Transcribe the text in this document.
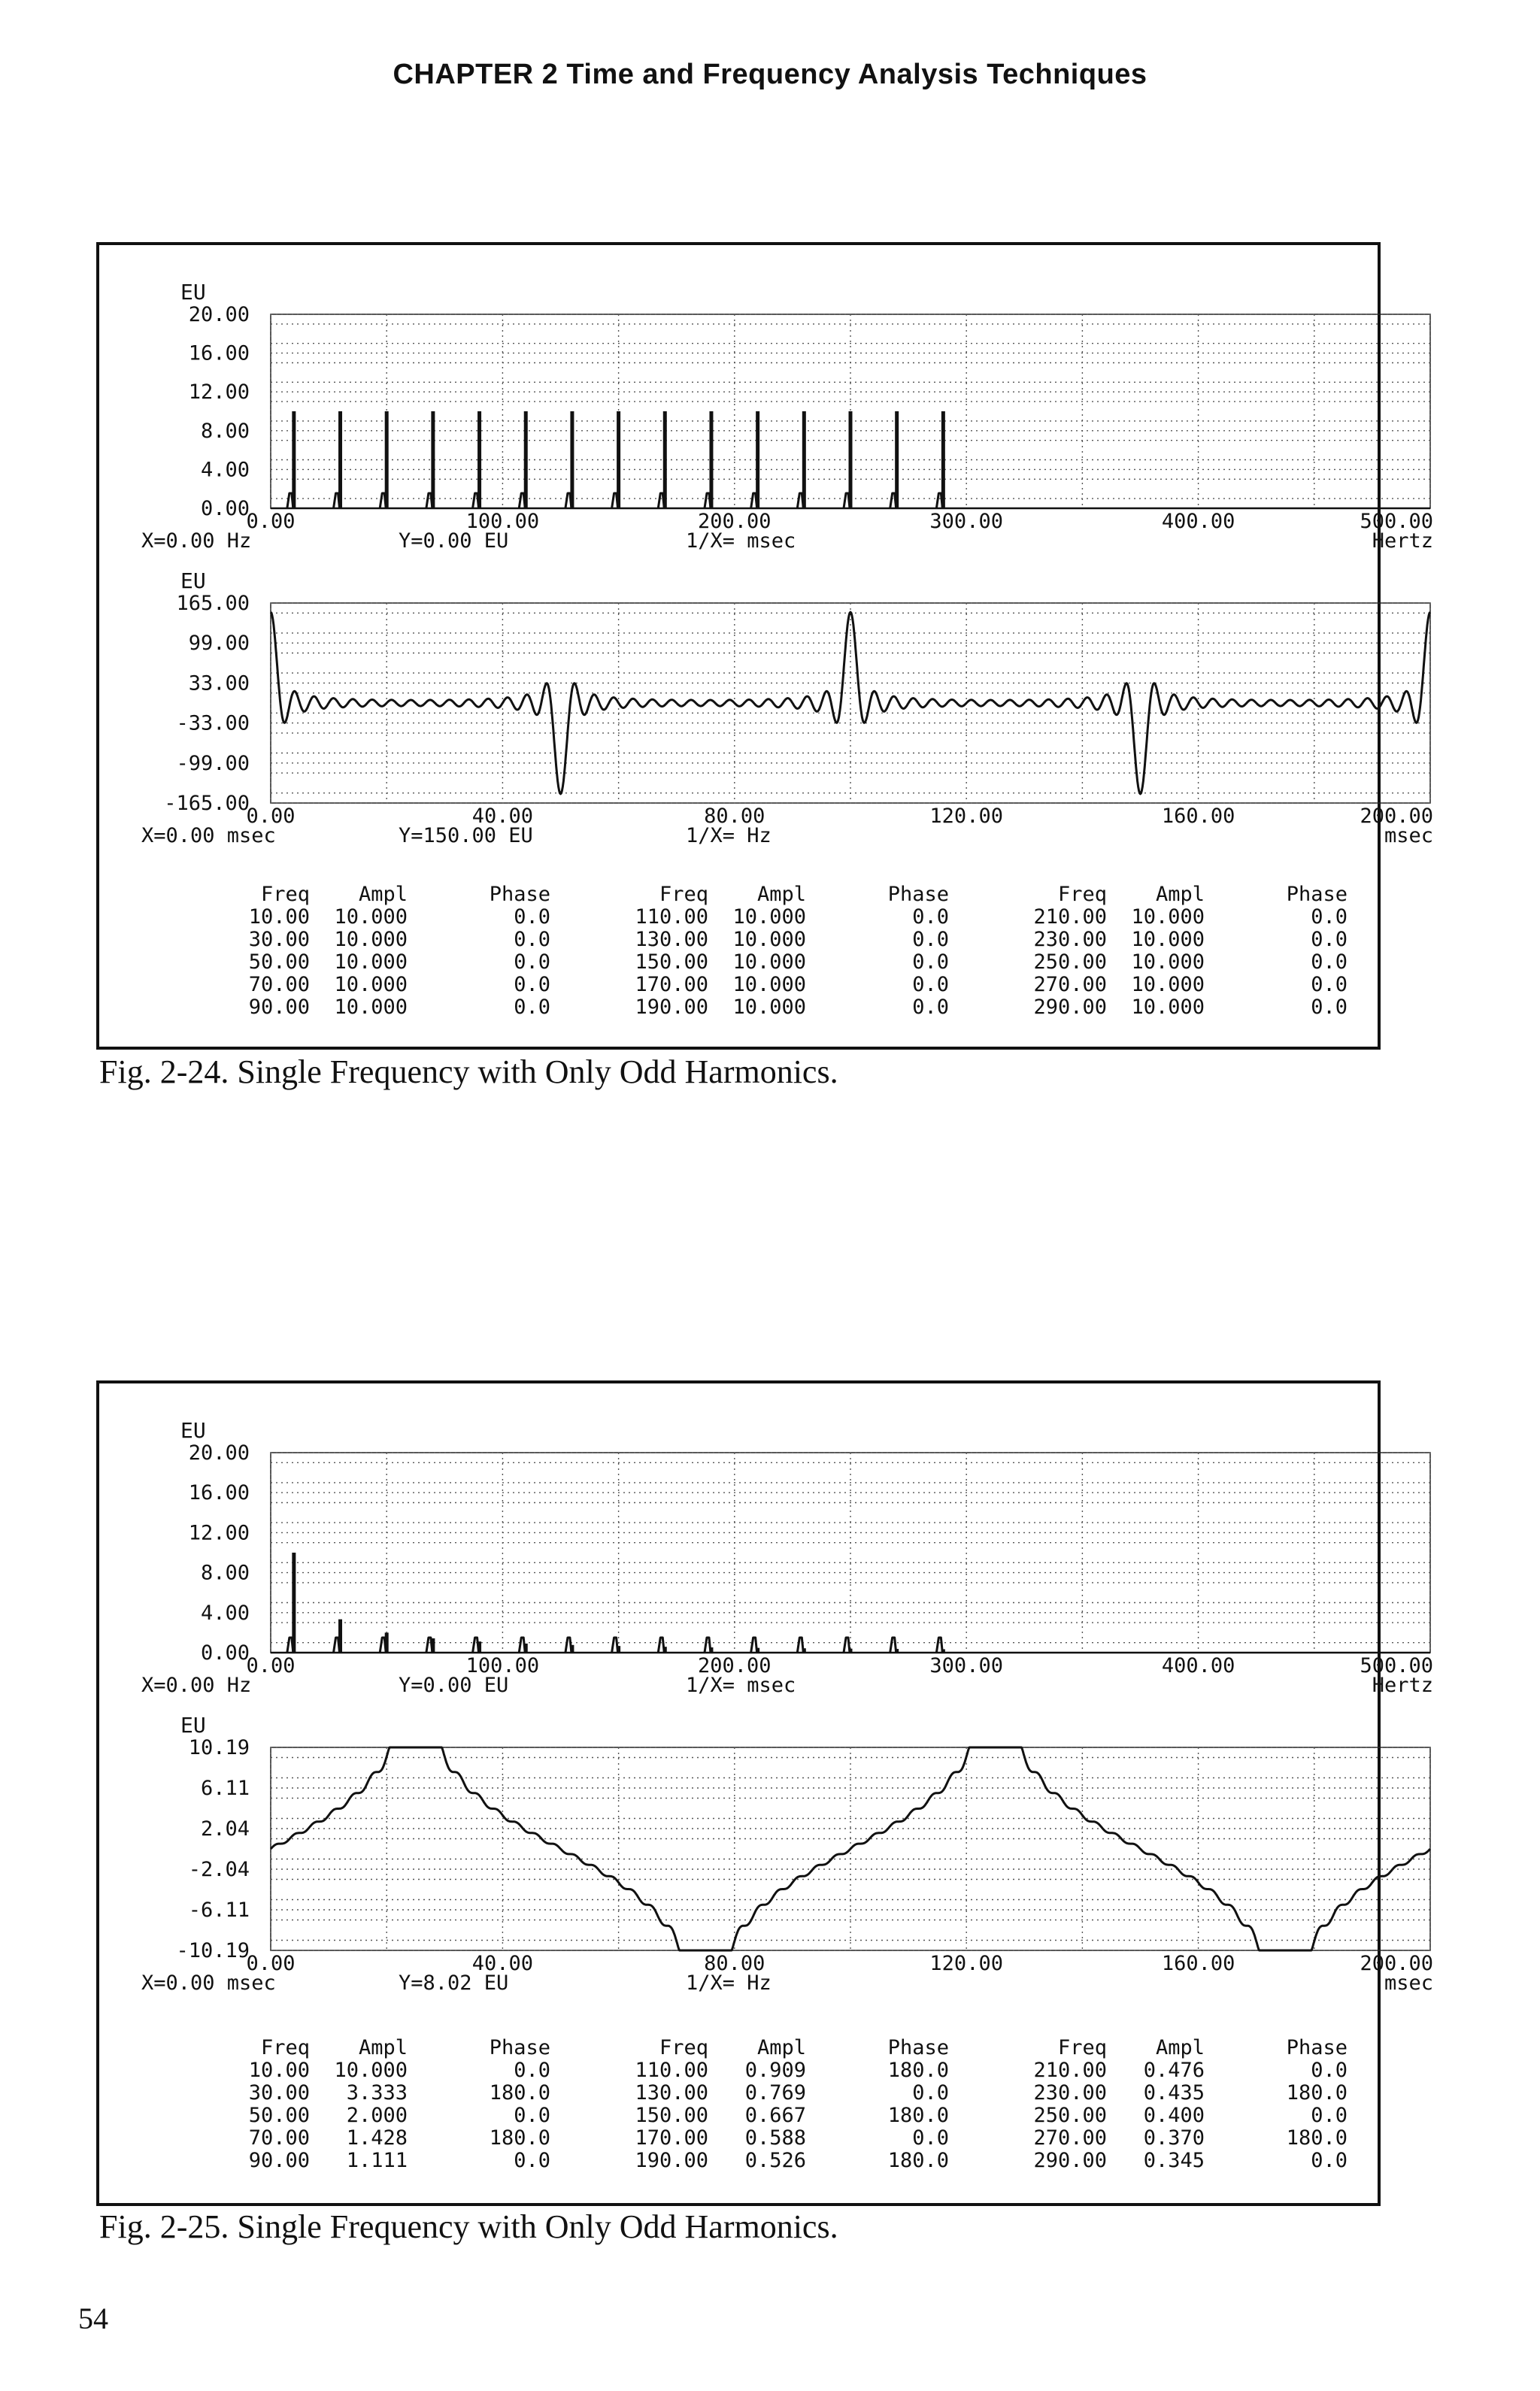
CHAPTER 2 Time and Frequency Analysis Techniques
EU
20.00
16.00
12.00
8.00
4.00
0.00
0.00	100.00	200.00	300.00	400.00	500.00
X=0.00 Hz	Y=0.00 EU	1/X= msec	Hertz
EU
165.00
99.00
33.00
-33.00
-99.00
-165.00
0.00	40.00	80.00	120.00	160.00	200.00
X=0.00 msec	Y=150.00 EU	1/X= Hz	msec
Freq Ampl	Phase	Freq Ampl	Phase	Freq Ampl	Phase
10.00 10.000	0.0	110.00 10.000	0.0	210.00 10.000	0.0
30.00 10.000	0.0	130.00 10.000	0.0	230.00 10.000	0.0
50.00 10.000	0.0	150.00 10.000	0.0	250.00 10.000	0.0
70.00 10.000	0.0	170.00 10.000	0.0	270.00 10.000	0.0
90.00 10.000	0.0	190.00 10.000	0.0	290.00 10.000	0.0
Fig. 2-24. Single Frequency with Only Odd Harmonics.
EU
20.00
16.00
12.00
8.00
4.00
0.00
0.00	100.00	200.00	300.00	400.00	500.00
X=0.00 Hz	Y=0.00 EU	1/X= msec	Hertz
EU
10.19
6.11
2.04
-2.04
-6.11
-10.19
0.00	40.00	80.00	120.00	160.00	200.00
X=0.00 msec	Y=8.02 EU	1/X= Hz	msec
Freq Ampl	Phase	Freq Ampl	Phase	Freq Ampl	Phase
10.00 10.000	0.0	110.00 0.909	180.0	210.00 0.476	0.0
30.00 3.333	180.0	130.00 0.769	0.0	230.00 0.435	180.0
50.00 2.000	0.0	150.00 0.667	180.0	250.00 0.400	0.0
70.00 1.428	180.0	170.00 0.588	0.0	270.00 0.370	180.0
90.00 1.111	0.0	190.00 0.526	180.0	290.00 0.345	0.0
Fig. 2-25. Single Frequency with Only Odd Harmonics.
54
